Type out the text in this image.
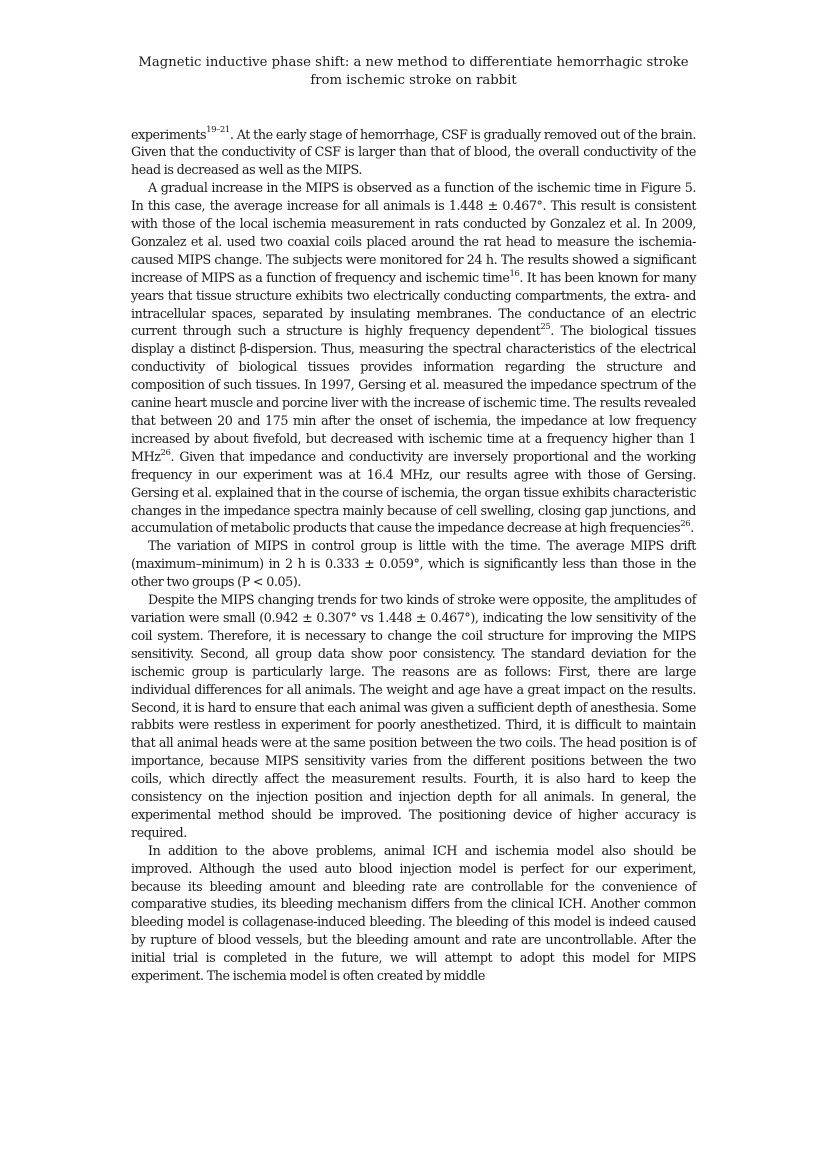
Magnetic inductive phase shift: a new method to differentiate hemorrhagic stroke
from ischemic stroke on rabbit

experiments$^{19-21}$. At the early stage of hemorrhage, CSF is gradually removed out of the brain. Given that the conductivity of CSF is larger than that of blood, the overall conductivity of the head is decreased as well as the MIPS.

A gradual increase in the MIPS is observed as a function of the ischemic time in Figure 5. In this case, the average increase for all animals is 1.448 ± 0.467°. This result is consistent with those of the local ischemia measurement in rats conducted by Gonzalez et al. In 2009, Gonzalez et al. used two coaxial coils placed around the rat head to measure the ischemia-caused MIPS change. The subjects were monitored for 24 h. The results showed a significant increase of MIPS as a function of frequency and ischemic time$^{16}$. It has been known for many years that tissue structure exhibits two electrically conducting compartments, the extra- and intracellular spaces, separated by insulating membranes. The conductance of an electric current through such a structure is highly frequency dependent$^{25}$. The biological tissues display a distinct β-dispersion. Thus, measuring the spectral characteristics of the electrical conductivity of biological tissues provides information regarding the structure and composition of such tissues. In 1997, Gersing et al. measured the impedance spectrum of the canine heart muscle and porcine liver with the increase of ischemic time. The results revealed that between 20 and 175 min after the onset of ischemia, the impedance at low frequency increased by about fivefold, but decreased with ischemic time at a frequency higher than 1 MHz$^{26}$. Given that impedance and conductivity are inversely proportional and the working frequency in our experiment was at 16.4 MHz, our results agree with those of Gersing. Gersing et al. explained that in the course of ischemia, the organ tissue exhibits characteristic changes in the impedance spectra mainly because of cell swelling, closing gap junctions, and accumulation of metabolic products that cause the impedance decrease at high frequencies$^{26}$.

The variation of MIPS in control group is little with the time. The average MIPS drift (maximum–minimum) in 2 h is 0.333 ± 0.059°, which is significantly less than those in the other two groups (P < 0.05).

Despite the MIPS changing trends for two kinds of stroke were opposite, the amplitudes of variation were small (0.942 ± 0.307° vs 1.448 ± 0.467°), indicating the low sensitivity of the coil system. Therefore, it is necessary to change the coil structure for improving the MIPS sensitivity. Second, all group data show poor consistency. The standard deviation for the ischemic group is particularly large. The reasons are as follows: First, there are large individual differences for all animals. The weight and age have a great impact on the results. Second, it is hard to ensure that each animal was given a sufficient depth of anesthesia. Some rabbits were restless in experiment for poorly anesthetized. Third, it is difficult to maintain that all animal heads were at the same position between the two coils. The head position is of importance, because MIPS sensitivity varies from the different positions between the two coils, which directly affect the measurement results. Fourth, it is also hard to keep the consistency on the injection position and injection depth for all animals. In general, the experimental method should be improved. The positioning device of higher accuracy is required.

In addition to the above problems, animal ICH and ischemia model also should be improved. Although the used auto blood injection model is perfect for our experiment, because its bleeding amount and bleeding rate are controllable for the convenience of comparative studies, its bleeding mechanism differs from the clinical ICH. Another common bleeding model is collagenase-induced bleeding. The bleeding of this model is indeed caused by rupture of blood vessels, but the bleeding amount and rate are uncontrollable. After the initial trial is completed in the future, we will attempt to adopt this model for MIPS experiment. The ischemia model is often created by middle
